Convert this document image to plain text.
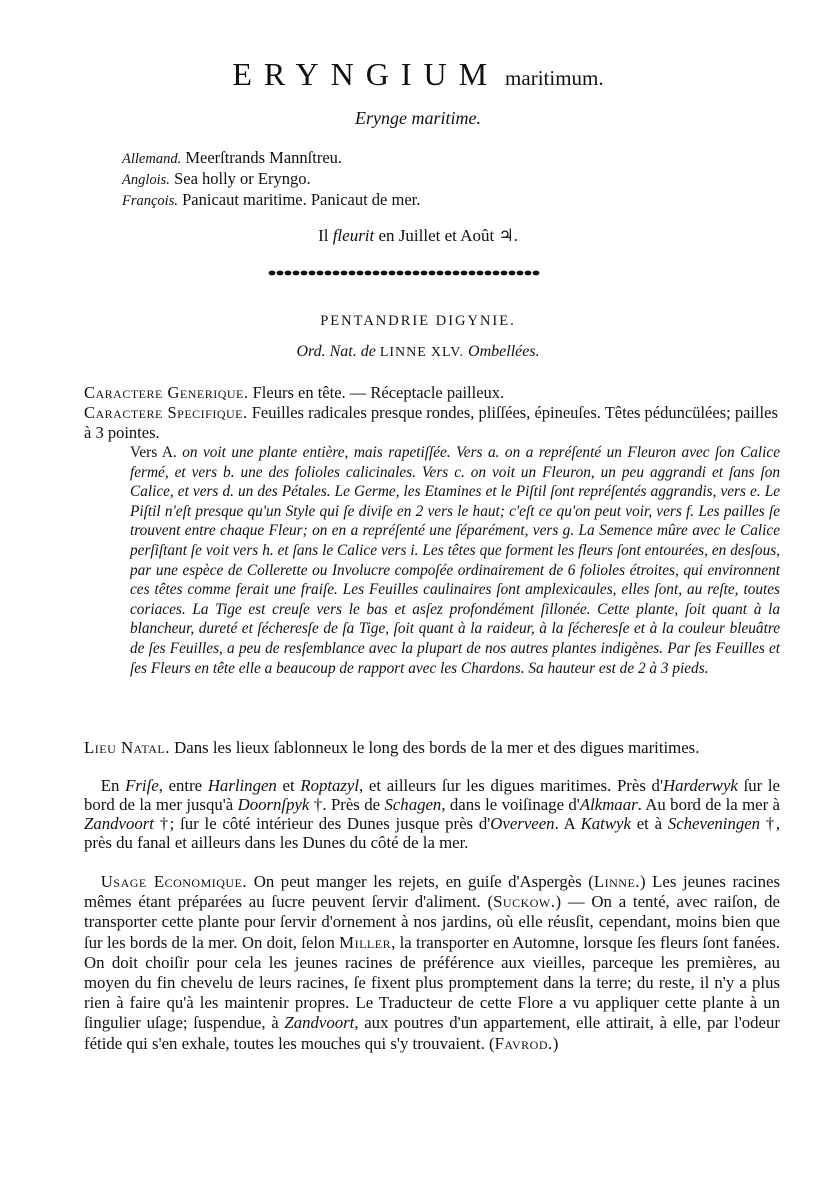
ERYNGIUM maritimum.
Erynge maritime.
Allemand. Meerſtrands Mannſtreu.
Anglois. Sea holly or Eryngo.
François. Panicaut maritime. Panicaut de mer.
Il fleurit en Juillet et Août ♃.
PENTANDRIE DIGYNIE.
Ord. Nat. de LINNE XLV. Ombellées.
Caractere Generique. Fleurs en tête. — Réceptacle pailleux.
Caractere Specifique. Feuilles radicales presque rondes, pliſſées, épineuſes. Têtes péduncülées; pailles à 3 pointes.
Vers A. on voit une plante entière, mais rapetiſſée. Vers a. on a repréſenté un Fleuron avec ſon Calice fermé, et vers b. une des folioles calicinales. Vers c. on voit un Fleuron, un peu aggrandi et ſans ſon Calice, et vers d. un des Pétales. Le Germe, les Etamines et le Piſtil ſont repréſentés aggrandis, vers e. Le Piſtil n'eſt presque qu'un Style qui ſe diviſe en 2 vers le haut; c'eſt ce qu'on peut voir, vers f. Les pailles ſe trouvent entre chaque Fleur; on en a repréſenté une ſéparément, vers g. La Semence mûre avec le Calice perſiſtant ſe voit vers h. et ſans le Calice vers i. Les têtes que forment les fleurs ſont entourées, en desſous, par une espèce de Collerette ou Involucre compoſée ordinairement de 6 folioles étroites, qui environnent ces têtes comme ferait une fraiſe. Les Feuilles caulinaires ſont amplexicaules, elles ſont, au reſte, toutes coriaces. La Tige est creuſe vers le bas et asſez profondément ſillonée. Cette plante, ſoit quant à la blancheur, dureté et ſécheresſe de ſa Tige, ſoit quant à la raideur, à la ſécheresſe et à la couleur bleuâtre de ſes Feuilles, a peu de resſemblance avec la plupart de nos autres plantes indigènes. Par ſes Feuilles et ſes Fleurs en tête elle a beaucoup de rapport avec les Chardons. Sa hauteur est de 2 à 3 pieds.
Lieu Natal. Dans les lieux ſablonneux le long des bords de la mer et des digues maritimes.
 En Friſe, entre Harlingen et Roptazyl, et ailleurs ſur les digues maritimes. Près d'Harderwyk ſur le bord de la mer jusqu'à Doornſpyk †. Près de Schagen, dans le voiſinage d'Alkmaar. Au bord de la mer à Zandvoort †; ſur le côté intérieur des Dunes jusque près d'Overveen. A Katwyk et à Scheveningen †, près du fanal et ailleurs dans les Dunes du côté de la mer.
 Usage Economique. On peut manger les rejets, en guiſe d'Aspergès (Linne.) Les jeunes racines mêmes étant préparées au ſucre peuvent ſervir d'aliment. (Suckow.) — On a tenté, avec raiſon, de transporter cette plante pour ſervir d'ornement à nos jardins, où elle réusſit, cependant, moins bien que ſur les bords de la mer. On doit, ſelon Miller, la transporter en Automne, lorsque ſes fleurs ſont fanées. On doit choiſir pour cela les jeunes racines de préférence aux vieilles, parceque les premières, au moyen du fin chevelu de leurs racines, ſe fixent plus promptement dans la terre; du reste, il n'y a plus rien à faire qu'à les maintenir propres. Le Traducteur de cette Flore a vu appliquer cette plante à un ſingulier uſage; ſuspendue, à Zandvoort, aux poutres d'un appartement, elle attirait, à elle, par l'odeur fétide qui s'en exhale, toutes les mouches qui s'y trouvaient. (Favrod.)
